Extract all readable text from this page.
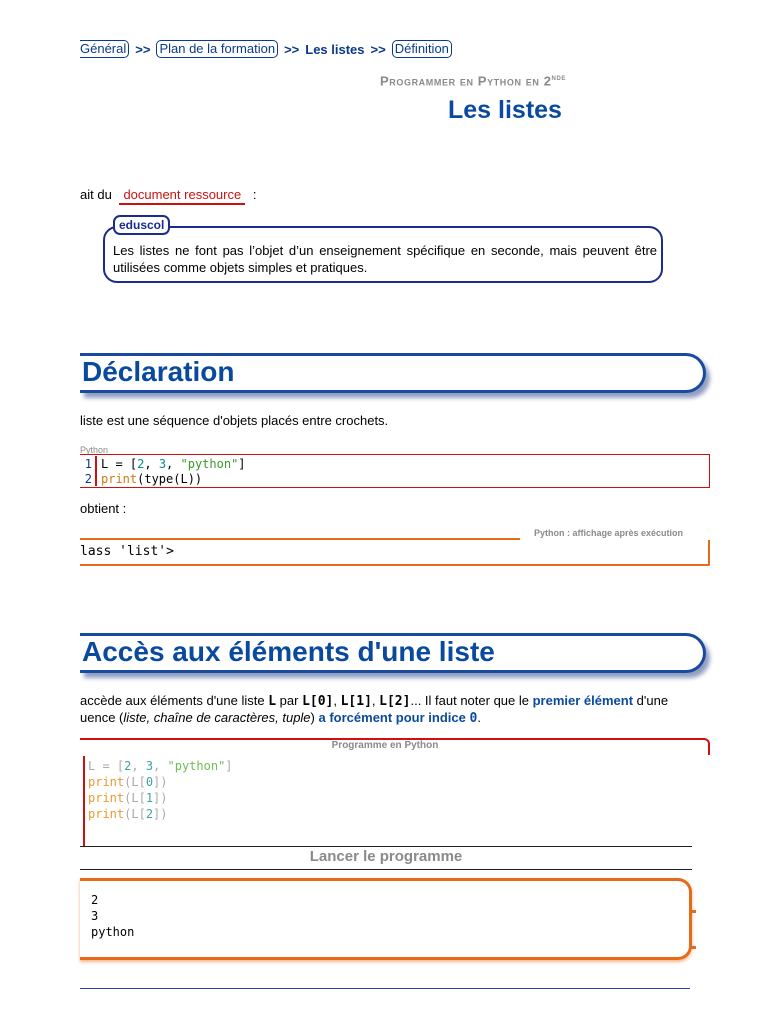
Général >> Plan de la formation >> Les listes >> Définition
Programmer en Python en 2nde
Les listes
ait du document ressource :
eduscol
Les listes ne font pas l’objet d’un enseignement spécifique en seconde, mais peuvent être utilisées comme objets simples et pratiques.
Déclaration
liste est une séquence d'objets placés entre crochets.
Python
1
2
L = [2, 3, "python"]
print(type(L))
obtient :
Python : affichage après exécution
lass 'list'>
Accès aux éléments d'une liste
accède aux éléments d'une liste L par L[0], L[1], L[2]... Il faut noter que le premier élément d'une
uence (liste, chaîne de caractères, tuple) a forcément pour indice 0.
Programme en Python
L = [2, 3, "python"]
print(L[0])
print(L[1])
print(L[2])
Lancer le programme
2
3
python
